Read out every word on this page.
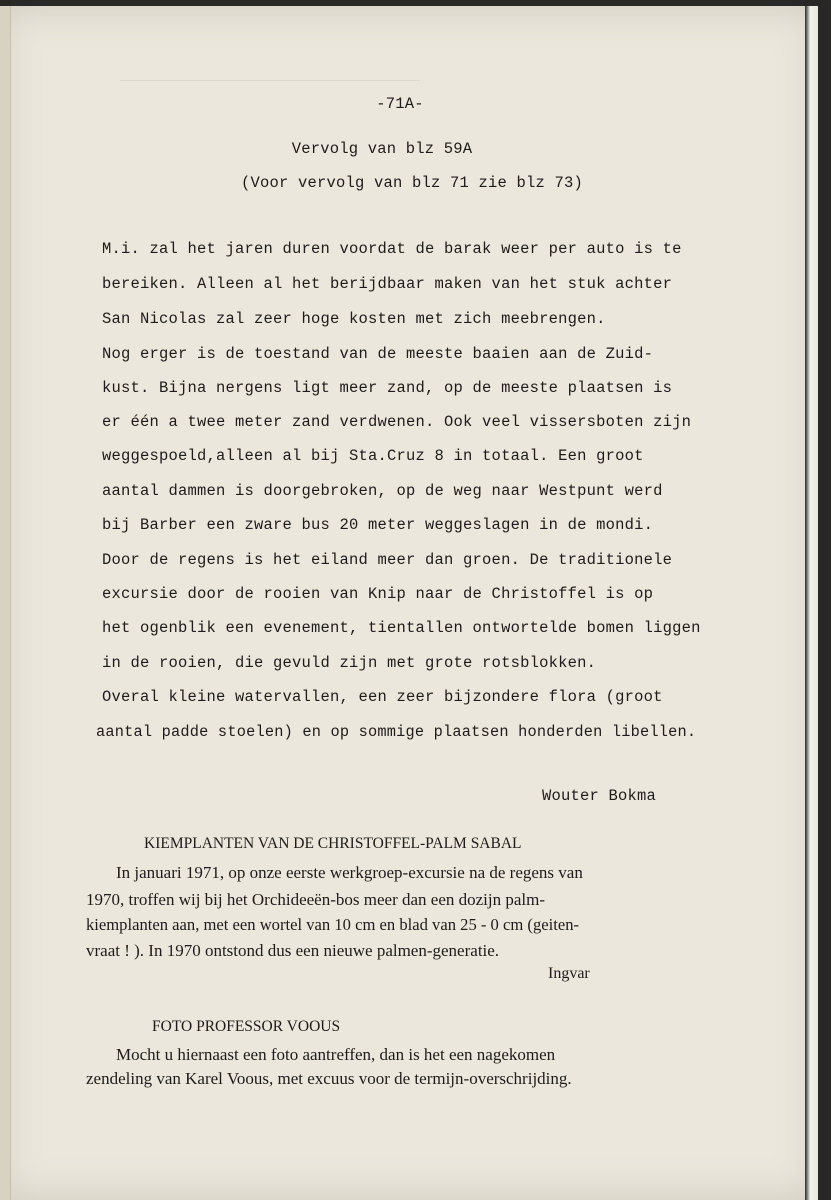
-71A-
Vervolg van blz 59A
(Voor vervolg van blz 71 zie blz 73)
M.i. zal het jaren duren voordat de barak weer per auto is te
bereiken. Alleen al het berijdbaar maken van het stuk achter
San Nicolas zal zeer hoge kosten met zich meebrengen.
Nog erger is de toestand van de meeste baaien aan de Zuid-
kust. Bijna nergens ligt meer zand, op de meeste plaatsen is
er één a twee meter zand verdwenen. Ook veel vissersboten zijn
weggespoeld,alleen al bij Sta.Cruz 8 in totaal. Een groot
aantal dammen is doorgebroken, op de weg naar Westpunt werd
bij Barber een zware bus 20 meter weggeslagen in de mondi.
Door de regens is het eiland meer dan groen. De traditionele
excursie door de rooien van Knip naar de Christoffel is op
het ogenblik een evenement, tientallen ontwortelde bomen liggen
in de rooien, die gevuld zijn met grote rotsblokken.
Overal kleine watervallen, een zeer bijzondere flora (groot
aantal padde stoelen) en op sommige plaatsen honderden libellen.
Wouter Bokma
KIEMPLANTEN VAN DE CHRISTOFFEL-PALM SABAL
In januari 1971, op onze eerste werkgroep-excursie na de regens van
1970, troffen wij bij het Orchideeën-bos meer dan een dozijn palm-
kiemplanten aan, met een wortel van 10 cm en blad van 25 - 0 cm (geiten-
vraat ! ). In 1970 ontstond dus een nieuwe palmen-generatie.
Ingvar
FOTO PROFESSOR VOOUS
Mocht u hiernaast een foto aantreffen, dan is het een nagekomen
zendeling van Karel Voous, met excuus voor de termijn-overschrijding.
